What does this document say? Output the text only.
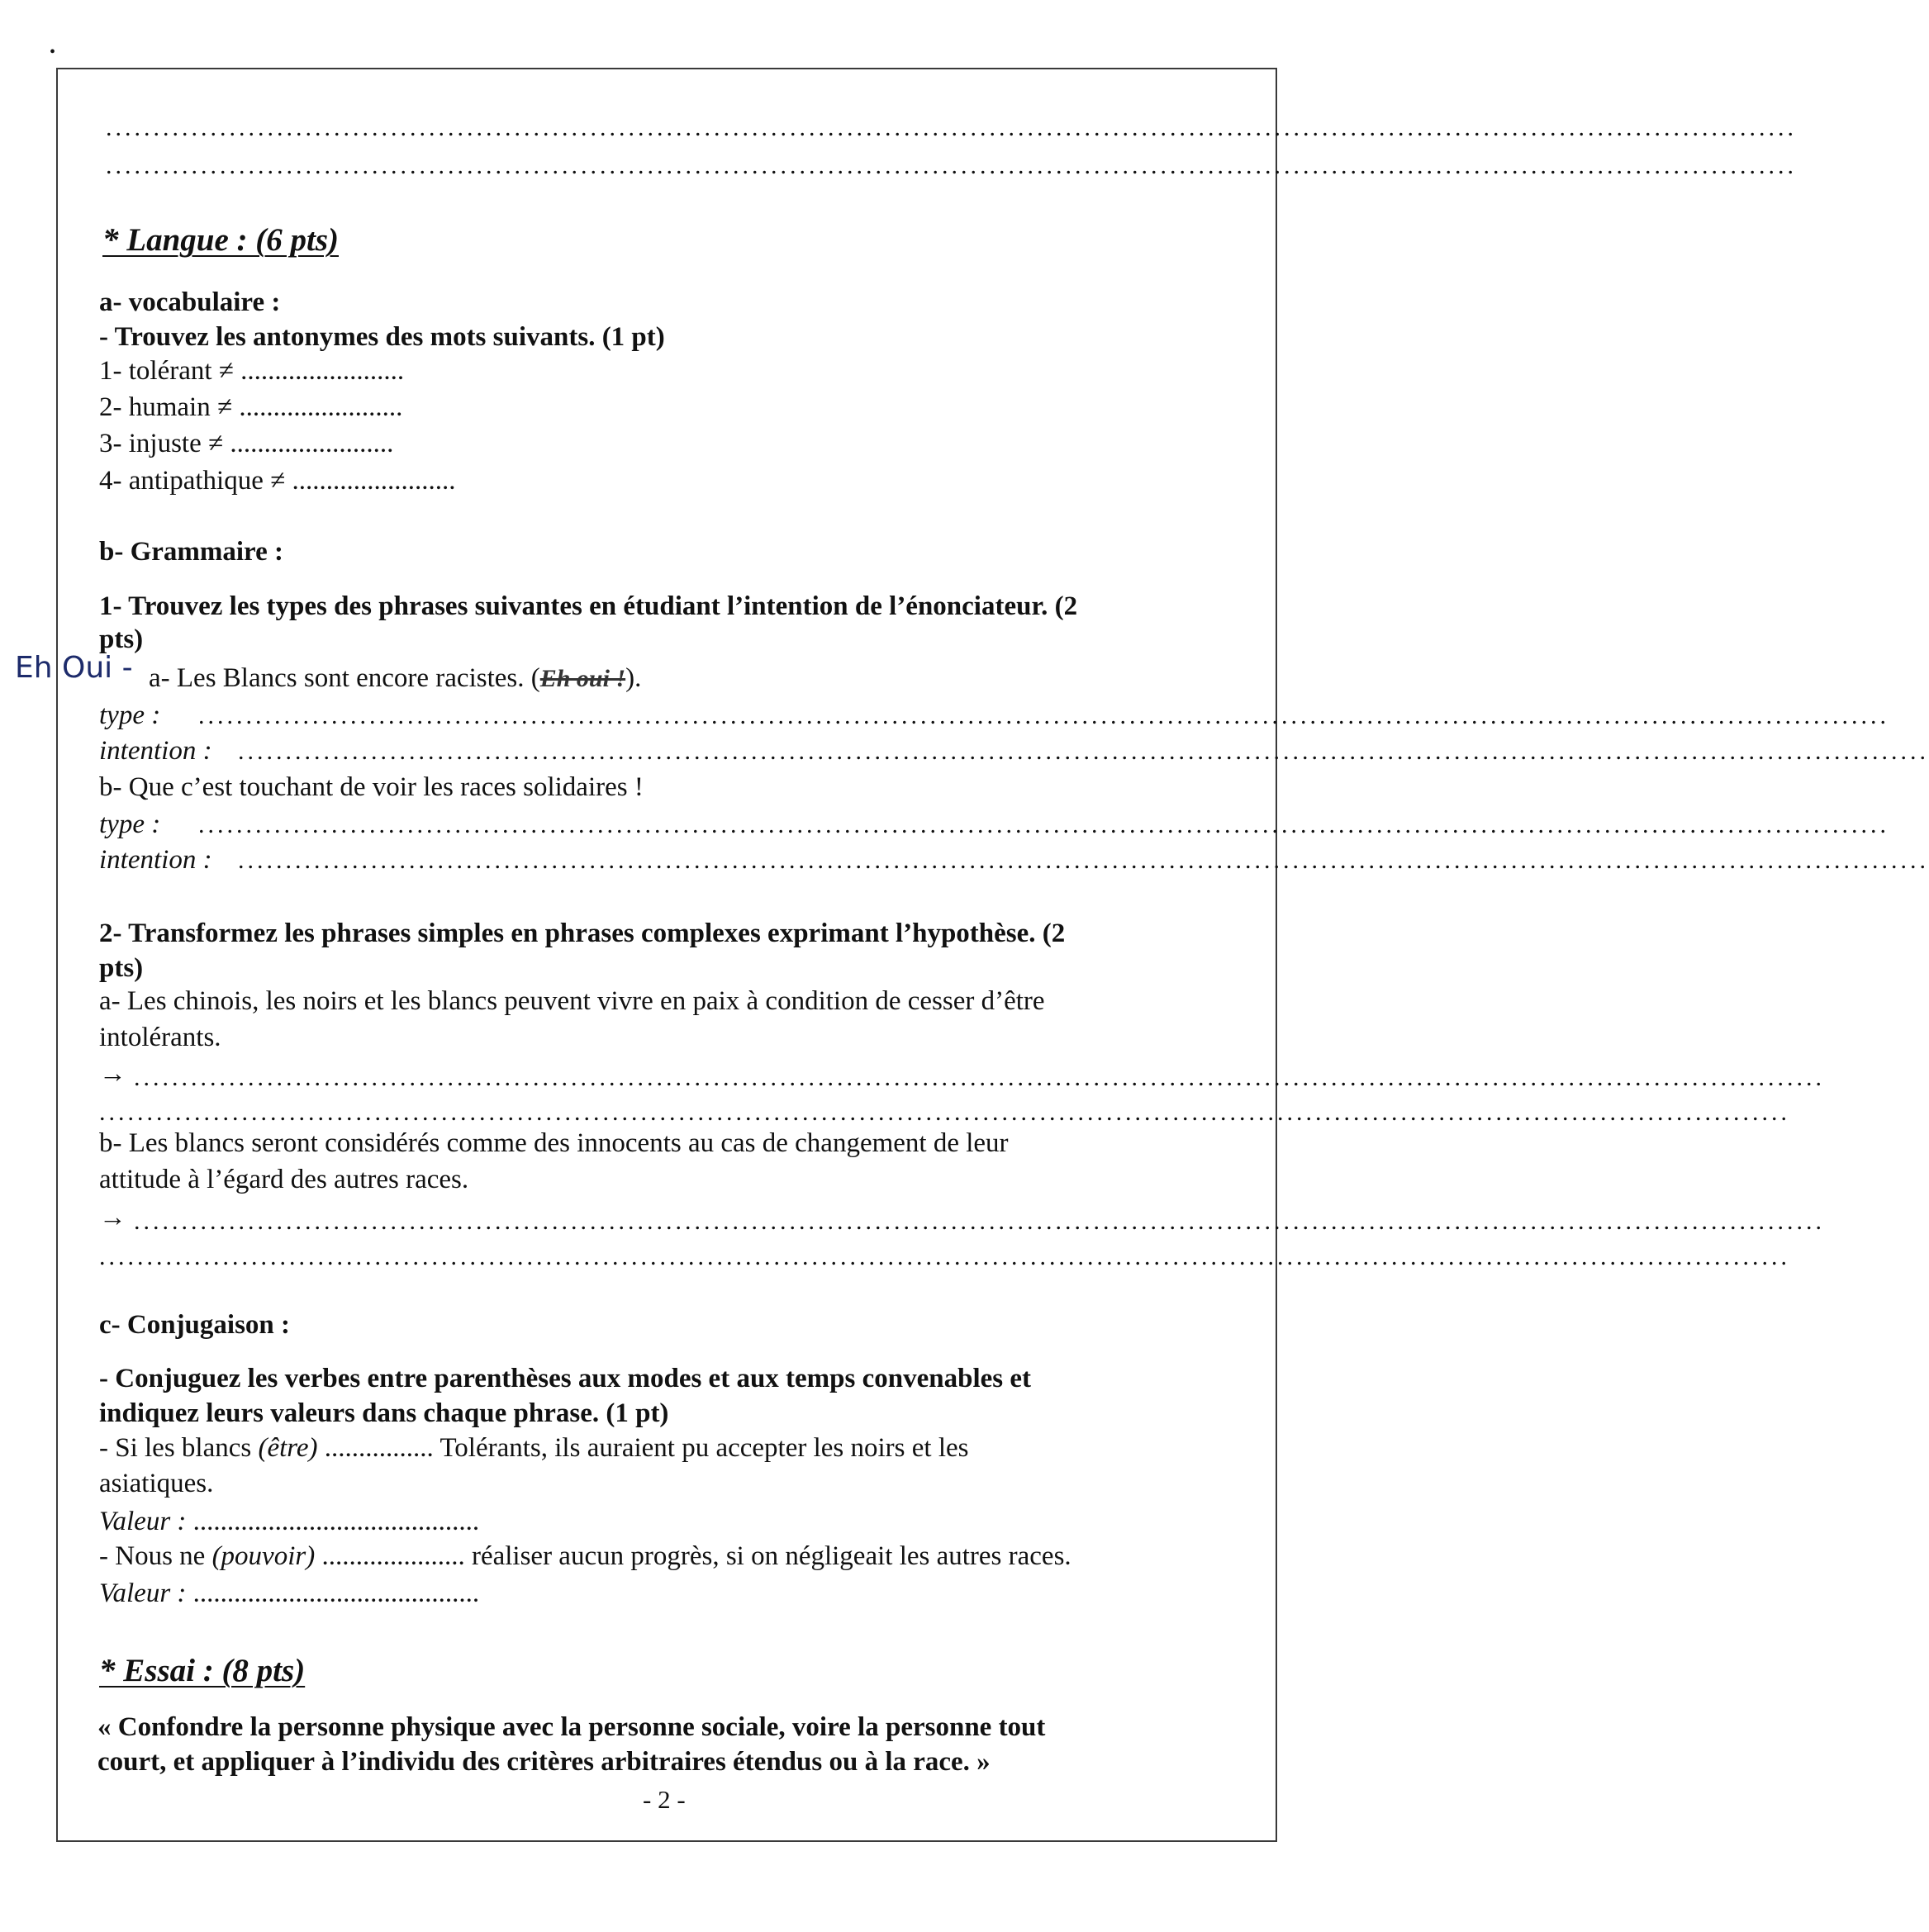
•
..................................................................................................................................................................................
..................................................................................................................................................................................
* Langue : (6 pts)
a- vocabulaire :
- Trouvez les antonymes des mots suivants. (1 pt)
1- tolérant ≠ ........................
2- humain ≠ ........................
3- injuste ≠ ........................
4- antipathique ≠ ........................
b- Grammaire :
1- Trouvez les types des phrases suivantes en étudiant l’intention de l’énonciateur. (2
pts)
Eh Oui - a- Les Blancs sont encore racistes. (Eh oui !).
type : ..................................................................................................................................................................................
intention : ..................................................................................................................................................................................
b- Que c’est touchant de voir les races solidaires !
type : ..................................................................................................................................................................................
intention : ..................................................................................................................................................................................
2- Transformez les phrases simples en phrases complexes exprimant l’hypothèse. (2
pts)
a- Les chinois, les noirs et les blancs peuvent vivre en paix à condition de cesser d’être
intolérants.
→ ..................................................................................................................................................................................
..................................................................................................................................................................................
b- Les blancs seront considérés comme des innocents au cas de changement de leur
attitude à l’égard des autres races.
→ ..................................................................................................................................................................................
..................................................................................................................................................................................
c- Conjugaison :
- Conjuguez les verbes entre parenthèses aux modes et aux temps convenables et
indiquez leurs valeurs dans chaque phrase. (1 pt)
- Si les blancs (être) ................ Tolérants, ils auraient pu accepter les noirs et les
asiatiques.
Valeur : ..........................................
- Nous ne (pouvoir) ..................... réaliser aucun progrès, si on négligeait les autres races.
Valeur : ..........................................
* Essai : (8 pts)
« Confondre la personne physique avec la personne sociale, voire la personne tout
court, et appliquer à l’individu des critères arbitraires étendus ou à la race. »
- 2 -
